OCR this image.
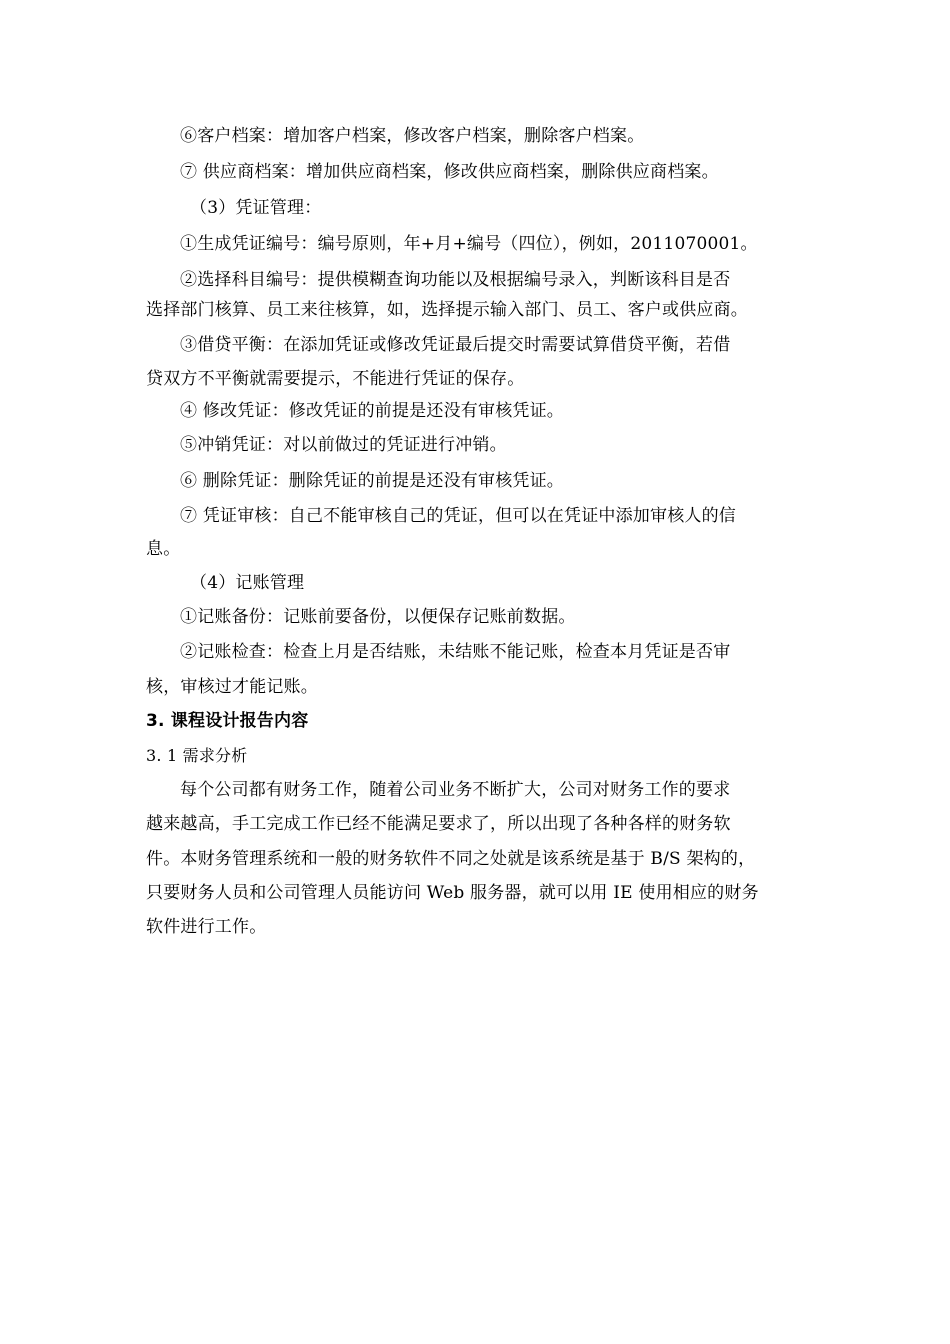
⑥客户档案：增加客户档案，修改客户档案，删除客户档案。
⑦ 供应商档案：增加供应商档案，修改供应商档案，删除供应商档案。
（3）凭证管理：
①生成凭证编号：编号原则，年+月+编号（四位），例如，2011070001。
②选择科目编号：提供模糊查询功能以及根据编号录入，判断该科目是否
选择部门核算、员工来往核算，如，选择提示输入部门、员工、客户或供应商。
③借贷平衡：在添加凭证或修改凭证最后提交时需要试算借贷平衡，若借
贷双方不平衡就需要提示，不能进行凭证的保存。
④ 修改凭证：修改凭证的前提是还没有审核凭证。
⑤冲销凭证：对以前做过的凭证进行冲销。
⑥ 删除凭证：删除凭证的前提是还没有审核凭证。
⑦ 凭证审核：自己不能审核自己的凭证，但可以在凭证中添加审核人的信
息。
（4）记账管理
①记账备份：记账前要备份，以便保存记账前数据。
②记账检查：检查上月是否结账，未结账不能记账，检查本月凭证是否审
核，审核过才能记账。
3. 课程设计报告内容
3. 1 需求分析
每个公司都有财务工作，随着公司业务不断扩大，公司对财务工作的要求
越来越高，手工完成工作已经不能满足要求了，所以出现了各种各样的财务软
件。本财务管理系统和一般的财务软件不同之处就是该系统是基于 B/S 架构的，
只要财务人员和公司管理人员能访问 Web 服务器，就可以用 IE 使用相应的财务
软件进行工作。
